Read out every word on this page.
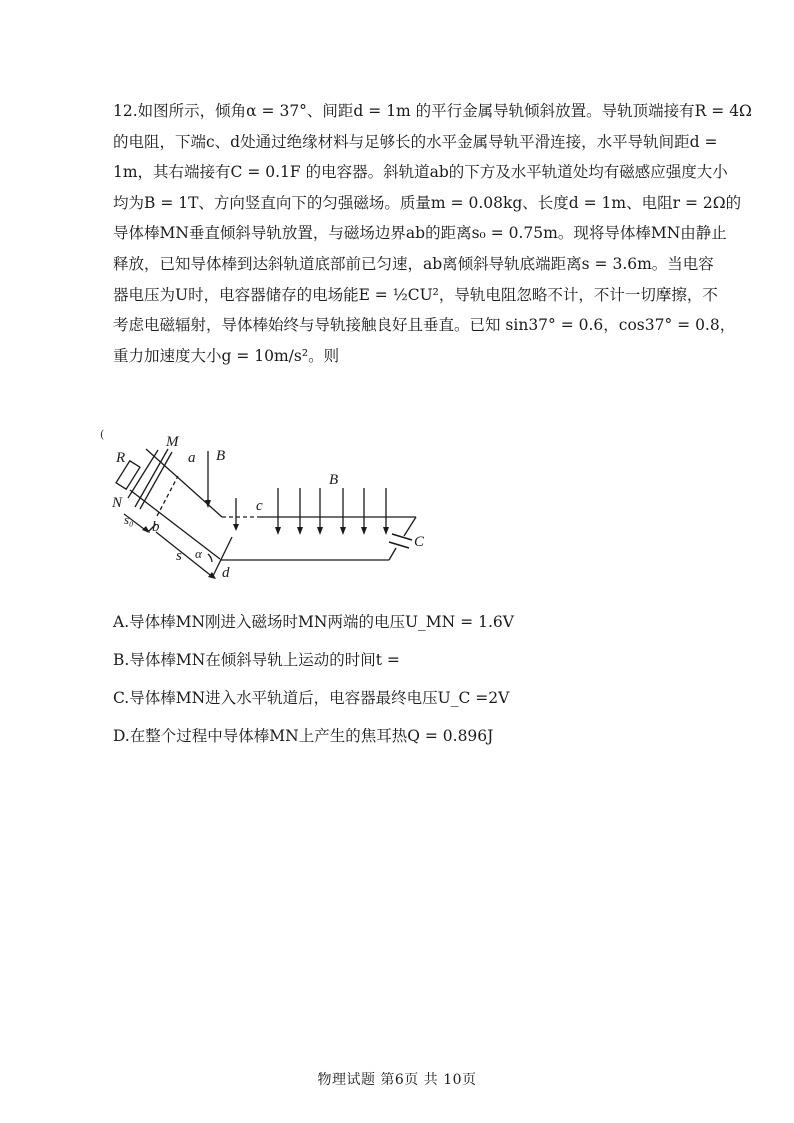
12.如图所示，倾角α = 37°、间距d = 1m 的平行金属导轨倾斜放置。导轨顶端接有R = 4Ω
的电阻，下端c、d处通过绝缘材料与足够长的水平金属导轨平滑连接，水平导轨间距d =
1m，其右端接有C = 0.1F 的电容器。斜轨道ab的下方及水平轨道处均有磁感应强度大小
均为B = 1T、方向竖直向下的匀强磁场。质量m = 0.08kg、长度d = 1m、电阻r = 2Ω的
导体棒MN垂直倾斜导轨放置，与磁场边界ab的距离s₀ = 0.75m。现将导体棒MN由静止
释放，已知导体棒到达斜轨道底部前已匀速，ab离倾斜导轨底端距离s = 3.6m。当电容
器电压为U时，电容器储存的电场能E = ½CU²，导轨电阻忽略不计，不计一切摩擦，不
考虑电磁辐射，导体棒始终与导轨接触良好且垂直。已知 sin37° = 0.6，cos37° = 0.8，
重力加速度大小g = 10m/s²。则
(	M
N
R	a
b
c
d
B
B
C
s₀
s α
A.导体棒MN刚进入磁场时MN两端的电压U_MN = 1.6V
B.导体棒MN在倾斜导轨上运动的时间t =
C.导体棒MN进入水平轨道后，电容器最终电压U_C =2V
D.在整个过程中导体棒MN上产生的焦耳热Q = 0.896J
物理试题 第6页 共 10页
